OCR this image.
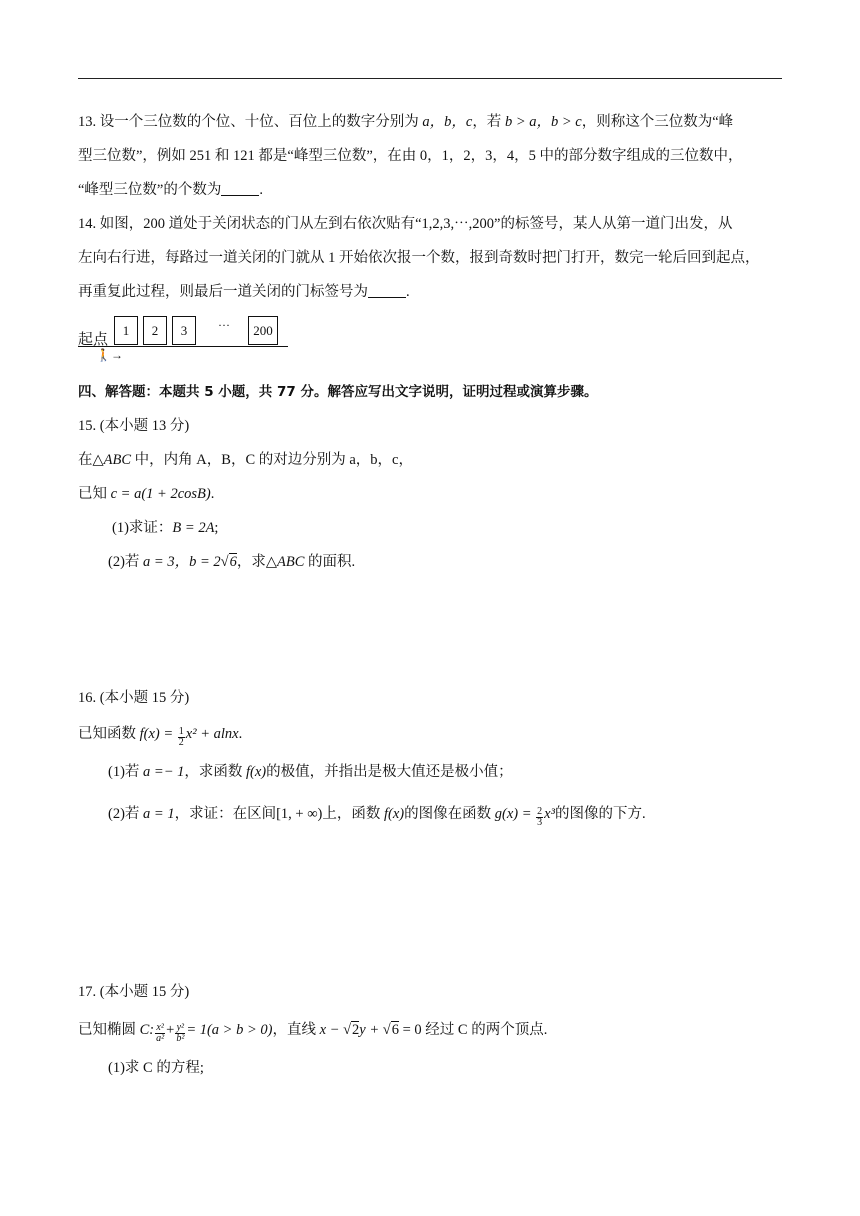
13. 设一个三位数的个位、十位、百位上的数字分别为 a，b，c，若 b > a，b > c，则称这个三位数为“峰
型三位数”，例如 251 和 121 都是“峰型三位数”，在由 0，1，2，3，4，5 中的部分数字组成的三位数中，
“峰型三位数”的个数为	.
14. 如图，200 道处于关闭状态的门从左到右依次贴有“1,2,3,⋯,200”的标签号，某人从第一道门出发，从
左向右行进，每路过一道关闭的门就从 1 开始依次报一个数，报到奇数时把门打开，数完一轮后回到起点，
再重复此过程，则最后一道关闭的门标签号为	.
起点	1	2	3	···	200
🚶→
四、解答题：本题共 5 小题，共 77 分。解答应写出文字说明，证明过程或演算步骤。
15. (本小题 13 分)
在△ABC 中，内角 A，B，C 的对边分别为 a，b，c，
已知 c = a(1 + 2cosB).
(1)求证：B = 2A;
(2)若 a = 3，b = 2√6，求△ABC 的面积.
16. (本小题 15 分)
已知函数 $f(x) = \frac{1}{2} x^2 + alnx$.
(1)若 a =− 1，求函数 f(x)的极值，并指出是极大值还是极小值；
(2)若 a = 1，求证：在区间[1, + ∞)上，函数 f(x)的图像在函数 $g(x) = \frac{2}{3} x^3$的图像的下方.
17. (本小题 15 分)
已知椭圆 C: $\frac{\text{x²}}{\text{a²}} + \frac{\text{y²}}{\text{b²}} = 1(a > b > 0)$，直线 x − √2y + √6 = 0 经过 C 的两个顶点.
(1)求 C 的方程;
